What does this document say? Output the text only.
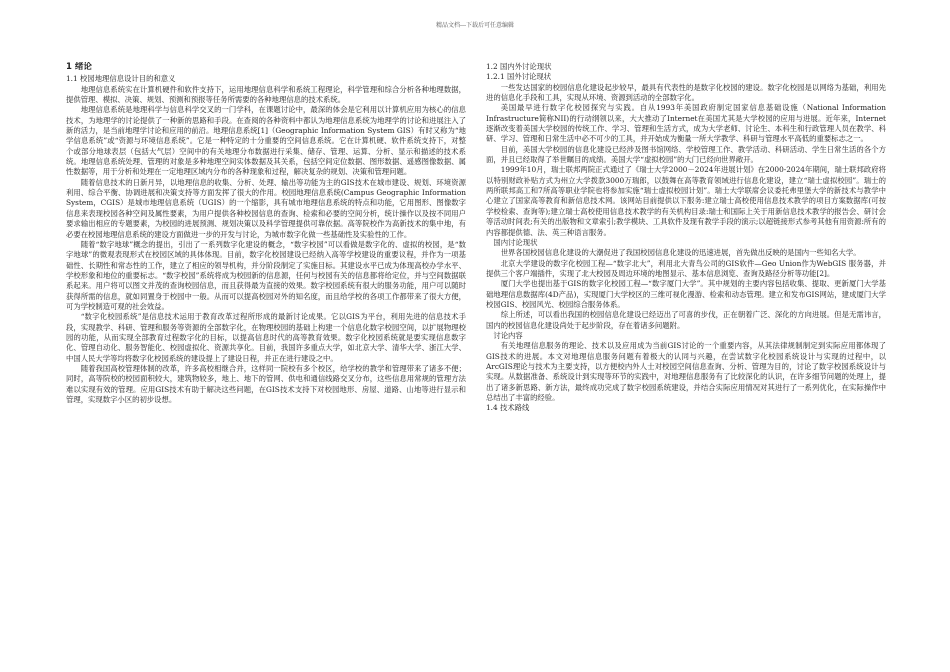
精品文档---下载后可任意编辑
1 绪论
1.1 校园地理信息设计目的和意义

地理信息系统实在计算机硬件和软件支持下，运用地理信息科学和系统工程理论，科学管理和综合分析各种地理数据，提供管理、模拟、决策、规划、预测和预报等任务所需要的各种地理信息的技术系统。

地理信息系统是地理科学与信息科学交叉的一门学科，在课题讨论中，最深的体会是它利用以计算机应用为核心的信息技术，为地理学的讨论提供了一种新的思路和手段。在查阅的各种资料中都认为地理信息系统为地理学的讨论和进展注入了新的活力，是当前地理学讨论和应用的前沿。地理信息系统[1]（Geographic Information System GIS）有时又称为“地学信息系统”或“资源与环境信息系统”。它是一种特定的十分重要的空间信息系统。它在计算机硬、软件系统支持下，对整个或部分地球表层（包括大气层）空间中的有关地理分布数据进行采集、储存、管理、运算、分析、显示和描述的技术系统。地理信息系统处理、管理的对象是多种地理空间实体数据及其关系，包括空间定位数据、图形数据、遥感图像数据、属性数据等，用于分析和处理在一定地理区域内分布的各种现象和过程，解决复杂的规划、决策和管理问题。

随着信息技术的日新月异，以地理信息的收集、分析、处理、输出等功能为主的GIS技术在城市建设、规划、环境资源利用、综合平衡、协调进展和决策支持等方面发挥了很大的作用。校园地理信息系统(Campus Geographic Information System，CGIS）是城市地理信息系统（UGIS）的一个缩影，具有城市地理信息系统的特点和功能，它用图形、图像数字信息来表现校园各种空间及属性要素，为用户提供各种校园信息的查询、检索和必要的空间分析，统计操作以及按不同用户要求输出相应的专题要素，为校园的进展预测、规划决策以及科学管理提供可靠依据。高等院校作为高新技术的集中地，有必要在校园地理信息系统的建设方面做进一步的开发与讨论，为城市数字化做一些基础性及实验性的工作。

随着“数字地球”概念的提出，引出了一系列数字化建设的概念，“数字校园”可以看做是数字化的、虚拟的校园，是“数字地球”的微观表现形式在校园区域的具体体现。目前，数字化校园建设已经纳入高等学校建设的重要议程，并作为一项基础性、长期性和常态性的工作，建立了相应的领导机构，并分阶段制定了实施目标。其建设水平已成为体现高校办学水平、学校形象和地位的重要标志。“数字校园”系统将成为校园新的信息源，任何与校园有关的信息都将给定位，并与空间数据联系起来。用户将可以图文并茂的查询校园信息，而且获得最为直接的效果。数字校园系统有很大的服务功能，用户可以随时获得所需的信息，就如同置身于校园中一般。从而可以提高校园对外的知名度，而且给学校的各项工作都带来了很大方便，可为学校制造可观的社会效益。

“数字化校园系统”是信息技术运用于教育改革过程所形成的最新讨论成果。它以GIS为平台，利用先进的信息技术手段，实现教学、科研、管理和服务等资源的全部数字化，在物理校园的基础上构建一个信息化数字校园空间，以扩展物理校园的功能，从而实现全部教育过程数字化的目标，以提高信息时代的高等教育效果。数字化校园系统就是要实现信息数字化、管理自动化、服务智能化、校园虚拟化、资源共享化。目前，我国许多重点大学，如北京大学、清华大学、浙江大学、中国人民大学等均将数字化校园系统的建设提上了建设日程，并正在进行建设之中。

随着我国高校管理体制的改革，许多高校相继合并，这样同一院校有多个校区，给学校的教学和管理带来了诸多不便；同时，高等院校的校园面积较大，建筑物较多，地上、地下的管网、供电和通信线路交叉分布，这些信息用常规的管理方法难以实现有效的管理。应用GIS技术有助于解决这些问题，在GIS技术支持下对校园地形、房屋、道路、山地等进行显示和管理，实现数字小区的初步设想。

1.2 国内外讨论现状
1.2.1 国外讨论现状

一些发达国家的校园信息化建设起步较早，最具有代表性的是数字化校园的建设。数字化校园是以网络为基础，利用先进的信息化手段和工具，实现从环境、资源到活动的全部数字化。

美国最早进行数字化校园探究与实践。自从1993年美国政府制定国家信息基础设施（National Information Infrastructure简称NII)的行动纲领以来，大大推动了Internet在美国尤其是大学校园的应用与进展。近年来，Internet逐渐改变着美国大学校园的传统工作、学习、管理和生活方式，成为大学老师、讨论生、本科生和行政管理人员在教学、科研、学习、管理和日常生活中必不可少的工具，并开始成为衡量一所大学教学、科研与管理水平高低的重要标志之一。

目前，美国大学校园的信息化建设已经涉及图书馆网络、学校管理工作、教学活动、科研活动、学生日常生活的各个方面，并且已经取得了举世瞩目的成绩。美国大学“虚拟校园”的大门已经向世界敞开。

1999年10月，瑞士联邦两院正式通过了《瑞士大学2000－2024年进展计划》在2000-2024年期间，瑞士联邦政府将以特别财政补贴方式为州立大学拨款3000万瑞郎，以鼓舞在高等教育领域进行信息化建设，建立“瑞士虚拟校园”。瑞士的两所联邦高工和7所高等职业学院也将参加实施“瑞士虚拟校园计划”。瑞士大学联席会议委托弗里堡大学的新技术与教学中心建立了国家高等教育和新信息技术网。该网站目前提供以下服务:建立瑞士高校使用信息技术教学的项目方案数据库(可按学校检索、查询等);建立瑞士高校使用信息技术教学的有关机构目录:瑞士和国际上关于用新信息技术教学的报告会、研讨会等活动时间表;有关的出版物和文章索引;教学模块、工具软件及现有教学手段的演示;以超链接形式参考其他有用资源:所有的内容都提供德、法、英三种语言服务。

国内讨论现状

世界各国校园信息化建设的大潮促进了我国校园信息化建设的迅速进展，首先做出反映的是国内一些知名大学。

北京大学建设的数字化校园工程—“数字北大”，利用北大青鸟公司的GIS软件—Geo Union作为WebGIS 服务器，并提供三个客户端插件，实现了北大校园及周边环境的地图显示、基本信息浏览、查询及路径分析等功能[2]。

厦门大学也提出基于GIS的数字化校园工程—“数字厦门大学”。其中规划的主要内容包括收集、提取、更新厦门大学基础地理信息数据库(4D产品)，实现厦门大学校区的三维可视化漫游、检索和动态管理。建立和发布GIS网站，建成厦门大学校园GIS、校园风光、校园综合服务体系。

综上所述，可以看出我国的校园信息化建设已经迈出了可喜的步伐，正在朝着广泛、深化的方向进展。但是无需讳言，国内的校园信息化建设尚处于起步阶段，存在着诸多问题附。

讨论内容

有关地理信息服务的理论、技术以及应用成为当前GIS讨论的一个重要内容，从其法律规制制定到实际应用都体现了GIS技术的进展。本文对地理信息服务问题有着极大的认同与兴趣，在尝试数字化校园系统设计与实现的过程中，以ArcGIS理论与技术为主要支持，以方便校内外人士对校园空间信息查询、分析、管理为目的，讨论了数字校园系统设计与实现。从数据准备、系统设计到实现等环节的实践中，对地理信息服务有了比较深化的认识，在许多细节问题的处理上，提出了诸多新思路、新方法，最终成功完成了数字校园系统建设，并结合实际应用情况对其进行了一系列优化，在实际操作中总结出了丰富的经验。

1.4 技术路线
